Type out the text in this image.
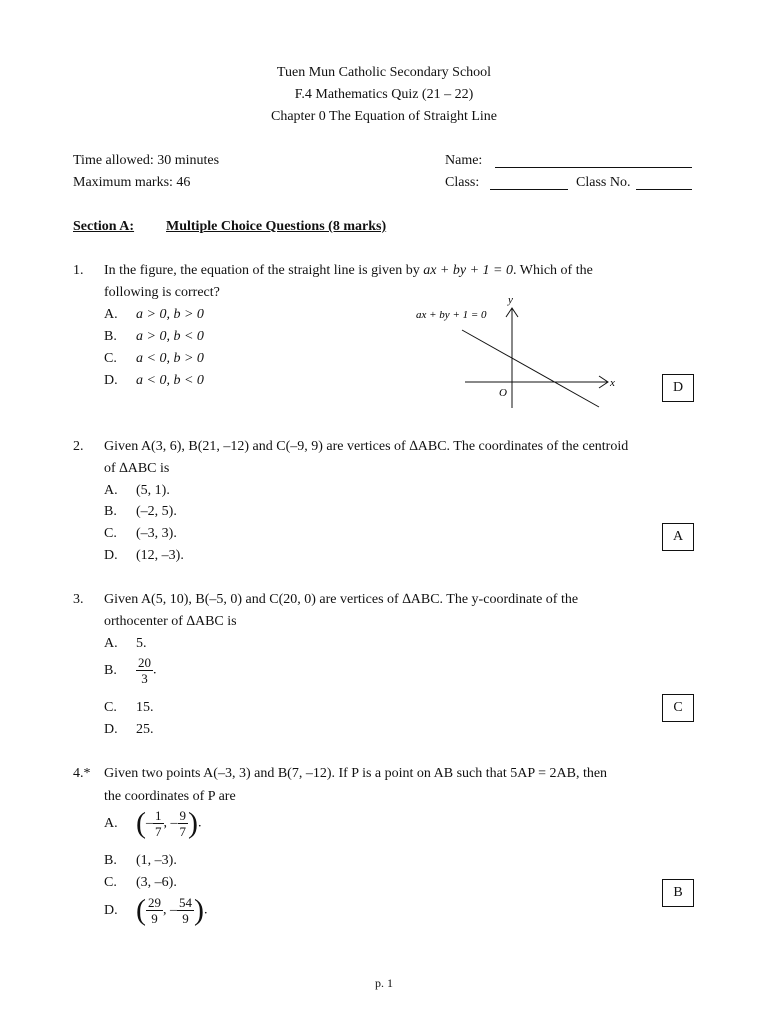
Tuen Mun Catholic Secondary School
F.4 Mathematics Quiz (21 – 22)
Chapter 0 The Equation of Straight Line
Time allowed: 30 minutes
Maximum marks: 46
Name:
Class:	Class No.
Section A: Multiple Choice Questions (8 marks)
1. In the figure, the equation of the straight line is given by ax + by + 1 = 0. Which of the
following is correct?
A. a > 0, b > 0
B. a > 0, b < 0
C. a < 0, b > 0
D. a < 0, b < 0
y
x
O
ax + by + 1 = 0
D
2. Given A(3, 6), B(21, –12) and C(–9, 9) are vertices of ∆ABC. The coordinates of the centroid
of ∆ABC is
A. (5, 1).
B. (–2, 5).
C. (–3, 3).
D. (12, –3).
A
3. Given A(5, 10), B(–5, 0) and C(20, 0) are vertices of ∆ABC. The y-coordinate of the
orthocenter of ∆ABC is
A. 5.
B. $\frac{20}{3}$ .
C. 15.
D. 25.
C
4.* Given two points A(–3, 3) and B(7, –12). If P is a point on AB such that 5AP = 2AB, then
the coordinates of P are
A. (– $\frac{1}{7}$ , – $\frac{9}{7}$ ).
B. (1, –3).
C. (3, –6).
D. ( $\frac{29}{9}$ , – $\frac{54}{9}$ ).
B
p. 1
